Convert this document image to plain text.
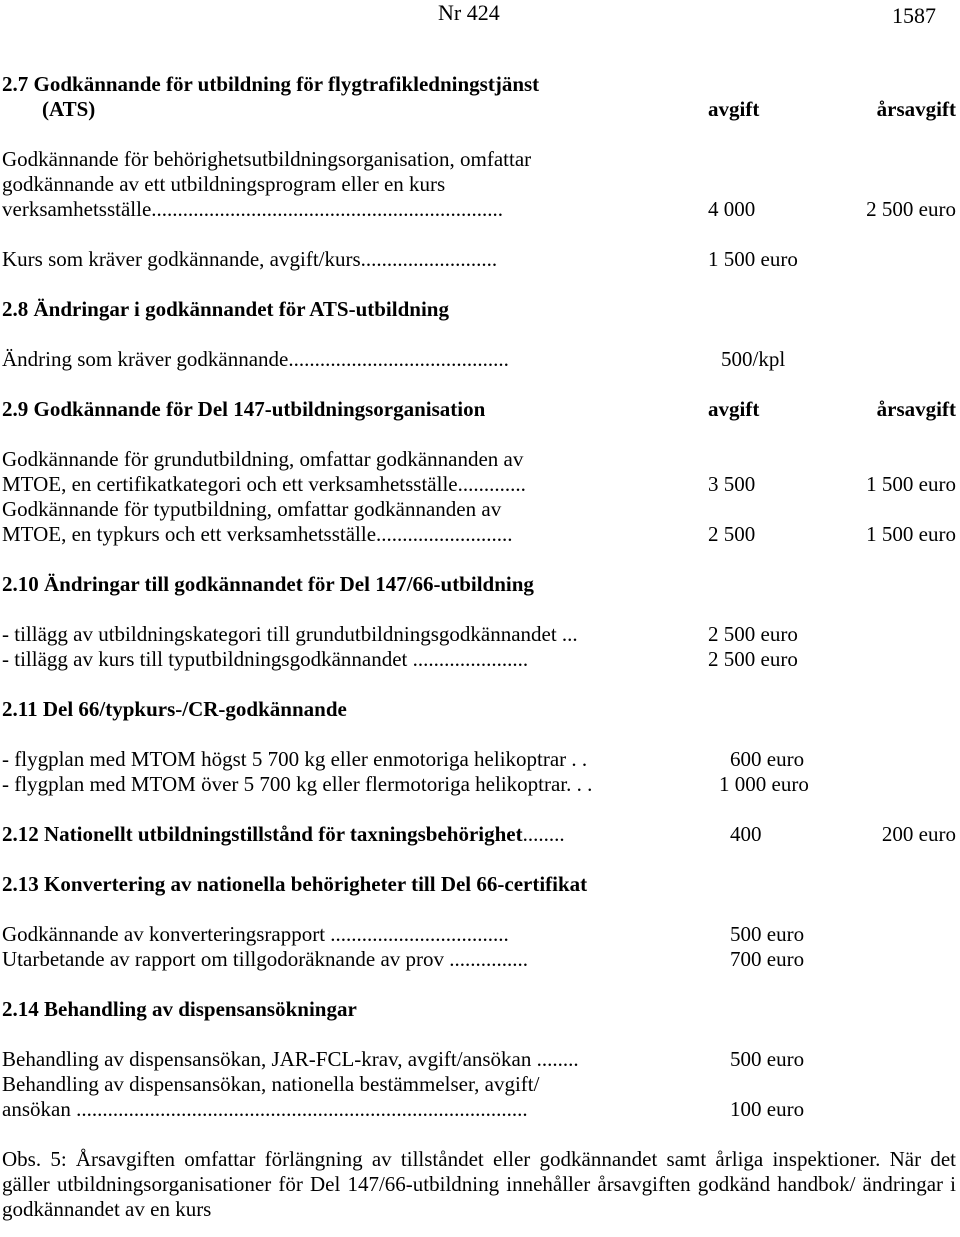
Nr 424	1587
2.7 Godkännande för utbildning för flygtrafikledningstjänst
(ATS)	avgift	årsavgift
Godkännande för behörighetsutbildningsorganisation, omfattar
godkännande av ett utbildningsprogram eller en kurs
verksamhetsställe...................................................................	4 000	2 500 euro
Kurs som kräver godkännande, avgift/kurs..........................	1 500 euro
2.8 Ändringar i godkännandet för ATS-utbildning
Ändring som kräver godkännande..........................................	500/kpl
2.9 Godkännande för Del 147-utbildningsorganisation	avgift	årsavgift
Godkännande för grundutbildning, omfattar godkännanden av
MTOE, en certifikatkategori och ett verksamhetsställe.............	3 500	1 500 euro
Godkännande för typutbildning, omfattar godkännanden av
MTOE, en typkurs och ett verksamhetsställe..........................	2 500	1 500 euro
2.10 Ändringar till godkännandet för Del 147/66-utbildning
- tillägg av utbildningskategori till grundutbildningsgodkännandet ...	2 500 euro
- tillägg av kurs till typutbildningsgodkännandet ......................	2 500 euro
2.11 Del 66/typkurs-/CR-godkännande
- flygplan med MTOM högst 5 700 kg eller enmotoriga helikoptrar . .	600 euro
- flygplan med MTOM över 5 700 kg eller flermotoriga helikoptrar. . .	1 000 euro
2.12 Nationellt utbildningstillstånd för taxningsbehörighet........	400	200 euro
2.13 Konvertering av nationella behörigheter till Del 66-certifikat
Godkännande av konverteringsrapport ..................................	500 euro
Utarbetande av rapport om tillgodoräknande av prov ...............	700 euro
2.14 Behandling av dispensansökningar
Behandling av dispensansökan, JAR-FCL-krav, avgift/ansökan ........	500 euro
Behandling av dispensansökan, nationella bestämmelser, avgift/
ansökan ......................................................................................	100 euro
Obs. 5: Årsavgiften omfattar förlängning av tillståndet eller godkännandet samt årliga inspektioner. När det gäller utbildningsorganisationer för Del 147/66-utbildning innehåller årsavgiften godkänd handbok/ ändringar i godkännandet av en kurs
